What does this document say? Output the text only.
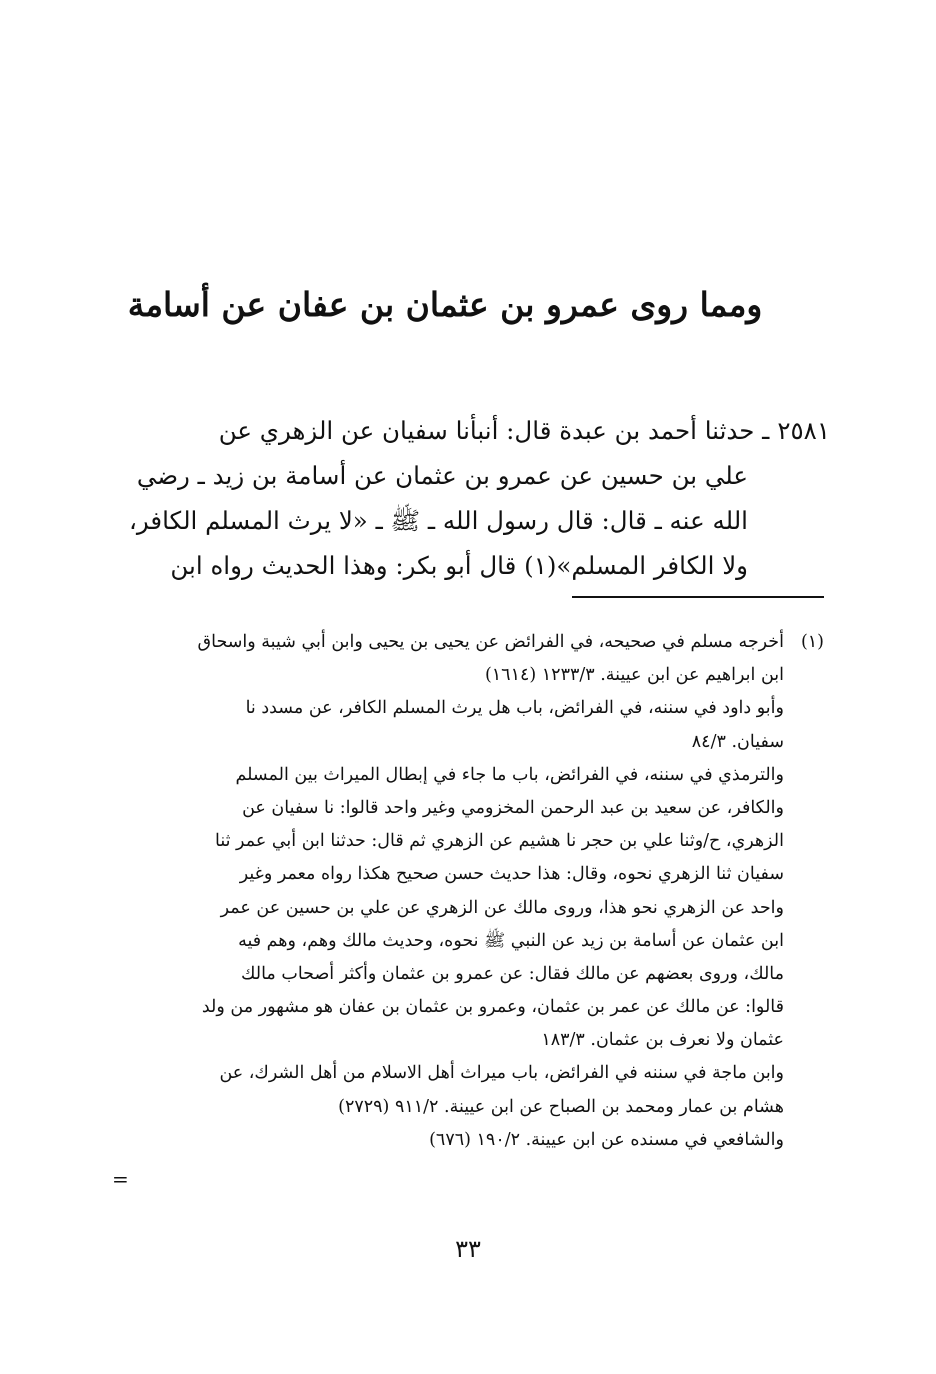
ومما روى عمرو بن عثمان بن عفان عن أسامة
٢٥٨١ـ حدثنا أحمد بن عبدة قال: أنبأنا سفيان عن الزهري عن
علي بن حسين عن عمرو بن عثمان عن أسامة بن زيد ـ رضي
الله عنه ـ قال: قال رسول الله ـ ﷺ ـ «لا يرث المسلم الكافر،
ولا الكافر المسلم»(١) قال أبو بكر: وهذا الحديث رواه ابن
(١)أخرجه مسلم في صحيحه، في الفرائض عن يحيى بن يحيى وابن أبي شيبة واسحاق
ابن ابراهيم عن ابن عيينة. ١٢٣٣/٣ (١٦١٤)
وأبو داود في سننه، في الفرائض، باب هل يرث المسلم الكافر، عن مسدد نا
سفيان. ٨٤/٣
والترمذي في سننه، في الفرائض، باب ما جاء في إبطال الميراث بين المسلم
والكافر، عن سعيد بن عبد الرحمن المخزومي وغير واحد قالوا: نا سفيان عن
الزهري، ح/وثنا علي بن حجر نا هشيم عن الزهري ثم قال: حدثنا ابن أبي عمر ثنا
سفيان ثنا الزهري نحوه، وقال: هذا حديث حسن صحيح هكذا رواه معمر وغير
واحد عن الزهري نحو هذا، وروى مالك عن الزهري عن علي بن حسين عن عمر
ابن عثمان عن أسامة بن زيد عن النبي ﷺ نحوه، وحديث مالك وهم، وهم فيه
مالك، وروى بعضهم عن مالك فقال: عن عمرو بن عثمان وأكثر أصحاب مالك
قالوا: عن مالك عن عمر بن عثمان، وعمرو بن عثمان بن عفان هو مشهور من ولد
عثمان ولا نعرف بن عثمان. ١٨٣/٣
وابن ماجة في سننه في الفرائض، باب ميراث أهل الاسلام من أهل الشرك، عن
هشام بن عمار ومحمد بن الصباح عن ابن عيينة. ٩١١/٢ (٢٧٢٩)
والشافعي في مسنده عن ابن عيينة. ١٩٠/٢ (٦٧٦)
=
٣٣
